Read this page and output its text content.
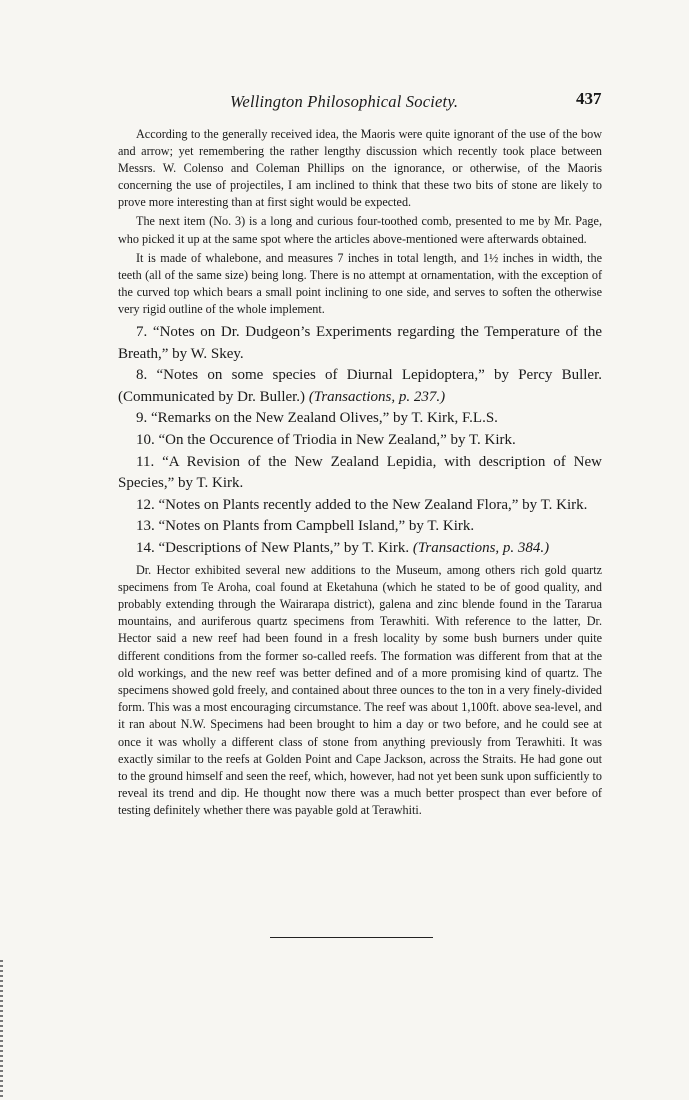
Wellington Philosophical Society.	437

According to the generally received idea, the Maoris were quite ignorant of the use of the bow and arrow; yet remembering the rather lengthy discussion which recently took place between Messrs. W. Colenso and Coleman Phillips on the ignorance, or otherwise, of the Maoris concerning the use of projectiles, I am inclined to think that these two bits of stone are likely to prove more interesting than at first sight would be expected.

The next item (No. 3) is a long and curious four-toothed comb, presented to me by Mr. Page, who picked it up at the same spot where the articles above-mentioned were afterwards obtained.

It is made of whalebone, and measures 7 inches in total length, and 1½ inches in width, the teeth (all of the same size) being long. There is no attempt at ornamentation, with the exception of the curved top which bears a small point inclining to one side, and serves to soften the otherwise very rigid outline of the whole implement.

7. “Notes on Dr. Dudgeon’s Experiments regarding the Temperature of the Breath,” by W. Skey.

8. “Notes on some species of Diurnal Lepidoptera,” by Percy Buller. (Communicated by Dr. Buller.) (Transactions, p. 237.)

9. “Remarks on the New Zealand Olives,” by T. Kirk, F.L.S.

10. “On the Occurence of Triodia in New Zealand,” by T. Kirk.

11. “A Revision of the New Zealand Lepidia, with description of New Species,” by T. Kirk.

12. “Notes on Plants recently added to the New Zealand Flora,” by T. Kirk.

13. “Notes on Plants from Campbell Island,” by T. Kirk.

14. “Descriptions of New Plants,” by T. Kirk. (Transactions, p. 384.)

Dr. Hector exhibited several new additions to the Museum, among others rich gold quartz specimens from Te Aroha, coal found at Eketahuna (which he stated to be of good quality, and probably extending through the Wairarapa district), galena and zinc blende found in the Tararua mountains, and auriferous quartz specimens from Terawhiti. With reference to the latter, Dr. Hector said a new reef had been found in a fresh locality by some bush burners under quite different conditions from the former so-called reefs. The formation was different from that at the old workings, and the new reef was better defined and of a more promising kind of quartz. The specimens showed gold freely, and contained about three ounces to the ton in a very finely-divided form. This was a most encouraging circumstance. The reef was about 1,100ft. above sea-level, and it ran about N.W. Specimens had been brought to him a day or two before, and he could see at once it was wholly a different class of stone from anything previously from Terawhiti. It was exactly similar to the reefs at Golden Point and Cape Jackson, across the Straits. He had gone out to the ground himself and seen the reef, which, however, had not yet been sunk upon sufficiently to reveal its trend and dip. He thought now there was a much better prospect than ever before of testing definitely whether there was payable gold at Terawhiti.
